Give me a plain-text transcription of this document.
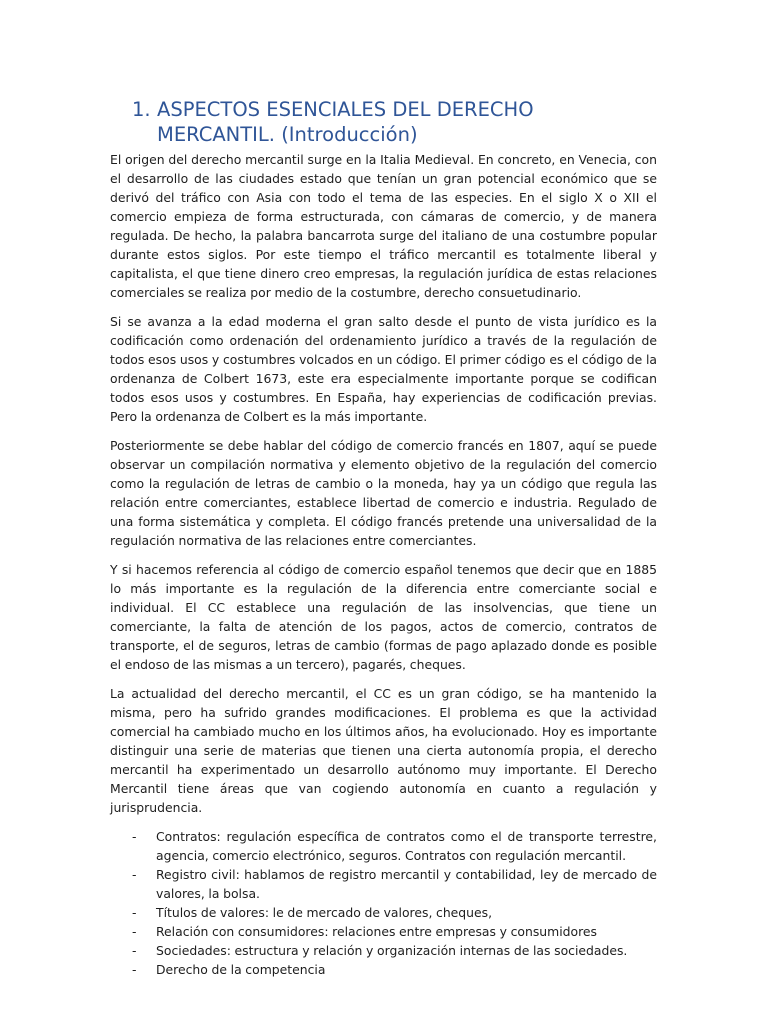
1. ASPECTOS ESENCIALES DEL DERECHO MERCANTIL. (Introducción)

El origen del derecho mercantil surge en la Italia Medieval. En concreto, en Venecia, con el desarrollo de las ciudades estado que tenían un gran potencial económico que se derivó del tráfico con Asia con todo el tema de las especies. En el siglo X o XII el comercio empieza de forma estructurada, con cámaras de comercio, y de manera regulada. De hecho, la palabra bancarrota surge del italiano de una costumbre popular durante estos siglos. Por este tiempo el tráfico mercantil es totalmente liberal y capitalista, el que tiene dinero creo empresas, la regulación jurídica de estas relaciones comerciales se realiza por medio de la costumbre, derecho consuetudinario.

Si se avanza a la edad moderna el gran salto desde el punto de vista jurídico es la codificación como ordenación del ordenamiento jurídico a través de la regulación de todos esos usos y costumbres volcados en un código. El primer código es el código de la ordenanza de Colbert 1673, este era especialmente importante porque se codifican todos esos usos y costumbres. En España, hay experiencias de codificación previas. Pero la ordenanza de Colbert es la más importante.

Posteriormente se debe hablar del código de comercio francés en 1807, aquí se puede observar un compilación normativa y elemento objetivo de la regulación del comercio como la regulación de letras de cambio o la moneda, hay ya un código que regula las relación entre comerciantes, establece libertad de comercio e industria. Regulado de una forma sistemática y completa. El código francés pretende una universalidad de la regulación normativa de las relaciones entre comerciantes.

Y si hacemos referencia al código de comercio español tenemos que decir que en 1885 lo más importante es la regulación de la diferencia entre comerciante social e individual. El CC establece una regulación de las insolvencias, que tiene un comerciante, la falta de atención de los pagos, actos de comercio, contratos de transporte, el de seguros, letras de cambio (formas de pago aplazado donde es posible el endoso de las mismas a un tercero), pagarés, cheques.

La actualidad del derecho mercantil, el CC es un gran código, se ha mantenido la misma, pero ha sufrido grandes modificaciones. El problema es que la actividad comercial ha cambiado mucho en los últimos años, ha evolucionado. Hoy es importante distinguir una serie de materias que tienen una cierta autonomía propia, el derecho mercantil ha experimentado un desarrollo autónomo muy importante. El Derecho Mercantil tiene áreas que van cogiendo autonomía en cuanto a regulación y jurisprudencia.

-	Contratos: regulación específica de contratos como el de transporte terrestre, agencia, comercio electrónico, seguros. Contratos con regulación mercantil.
-	Registro civil: hablamos de registro mercantil y contabilidad, ley de mercado de valores, la bolsa.
-	Títulos de valores: le de mercado de valores, cheques,
-	Relación con consumidores: relaciones entre empresas y consumidores
-	Sociedades: estructura y relación y organización internas de las sociedades.
-	Derecho de la competencia
